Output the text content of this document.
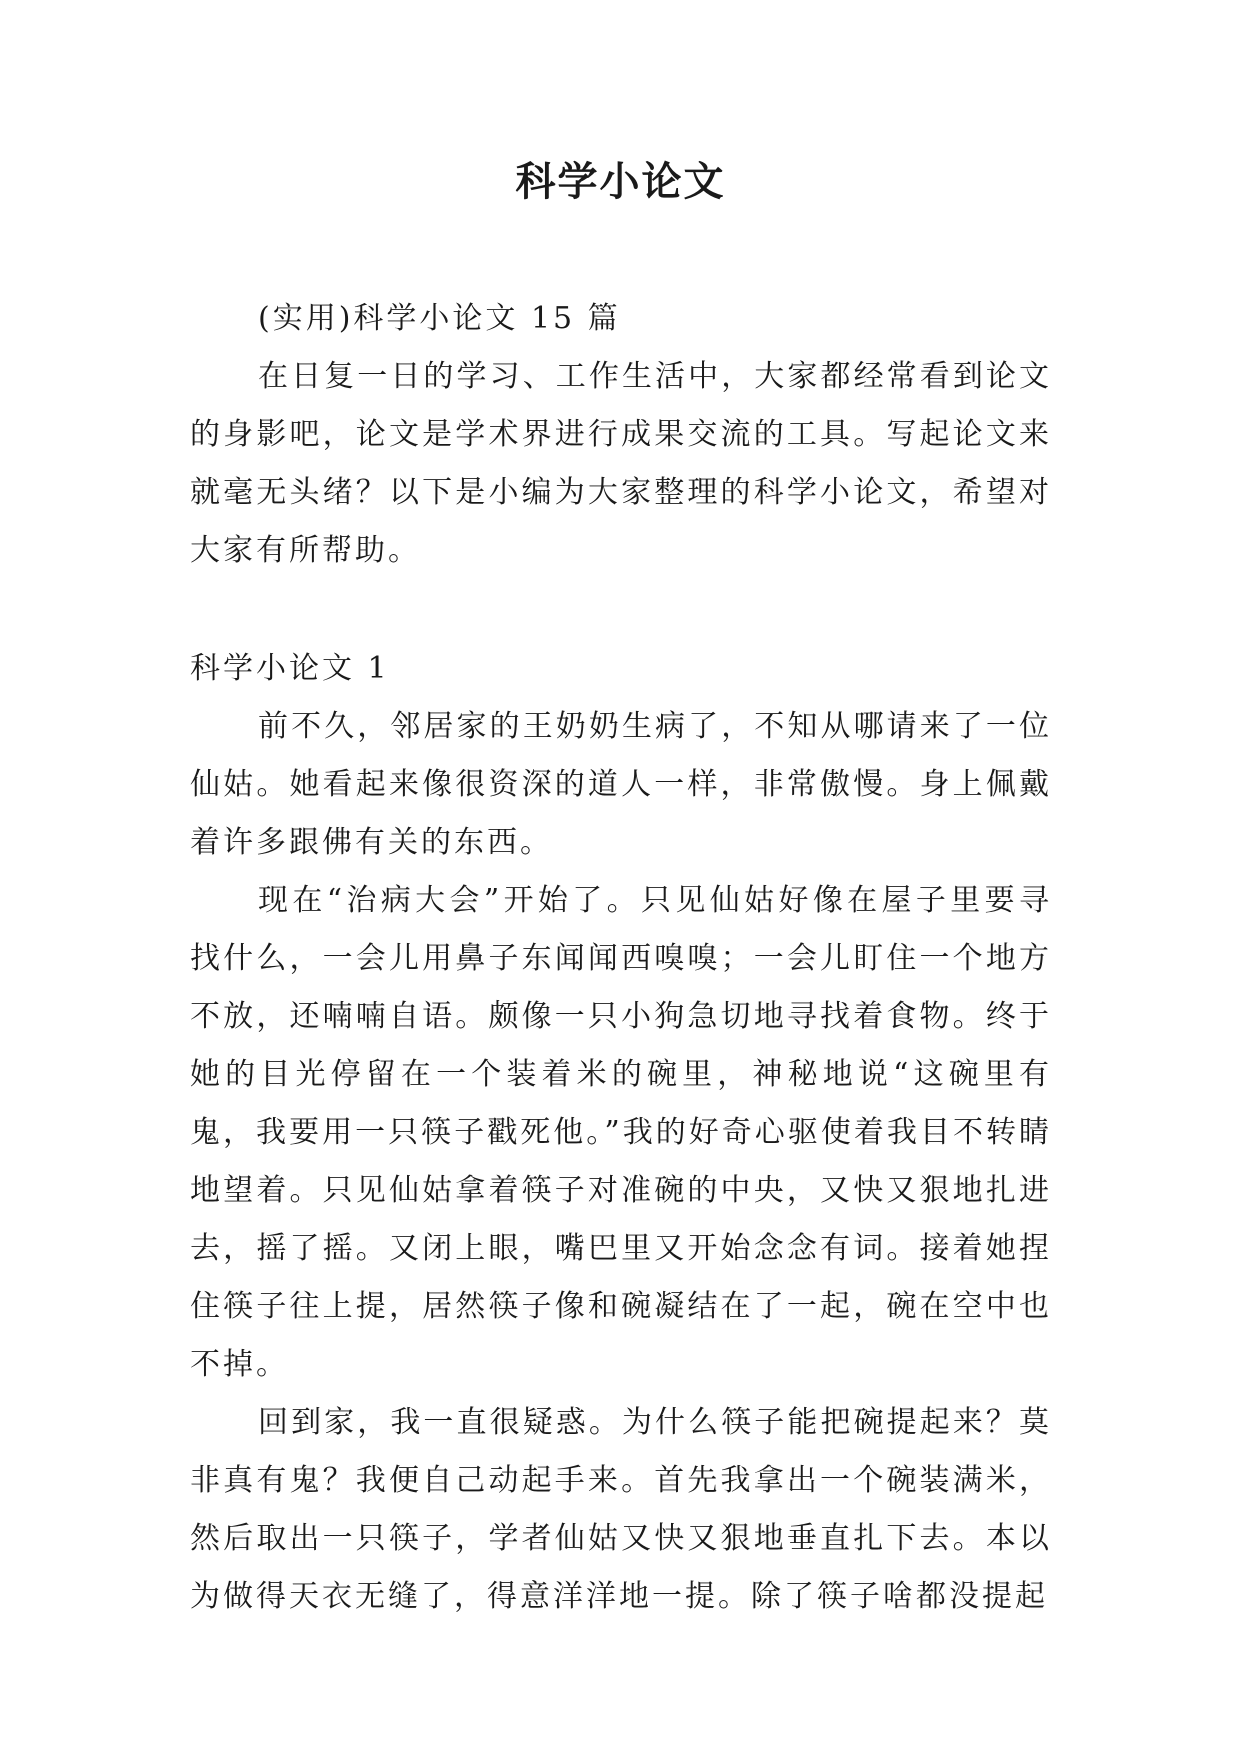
科学小论文

(实用)科学小论文 15 篇

在日复一日的学习、工作生活中，大家都经常看到论文的身影吧，论文是学术界进行成果交流的工具。写起论文来就毫无头绪？以下是小编为大家整理的科学小论文，希望对大家有所帮助。

科学小论文 1

前不久，邻居家的王奶奶生病了，不知从哪请来了一位仙姑。她看起来像很资深的道人一样，非常傲慢。身上佩戴着许多跟佛有关的东西。

现在“治病大会”开始了。只见仙姑好像在屋子里要寻找什么，一会儿用鼻子东闻闻西嗅嗅；一会儿盯住一个地方不放，还喃喃自语。颇像一只小狗急切地寻找着食物。终于她的目光停留在一个装着米的碗里，神秘地说“这碗里有鬼，我要用一只筷子戳死他。”我的好奇心驱使着我目不转睛地望着。只见仙姑拿着筷子对准碗的中央，又快又狠地扎进去，摇了摇。又闭上眼，嘴巴里又开始念念有词。接着她捏住筷子往上提，居然筷子像和碗凝结在了一起，碗在空中也不掉。

回到家，我一直很疑惑。为什么筷子能把碗提起来？莫非真有鬼？我便自己动起手来。首先我拿出一个碗装满米，然后取出一只筷子，学者仙姑又快又狠地垂直扎下去。本以为做得天衣无缝了，得意洋洋地一提。除了筷子啥都没提起
